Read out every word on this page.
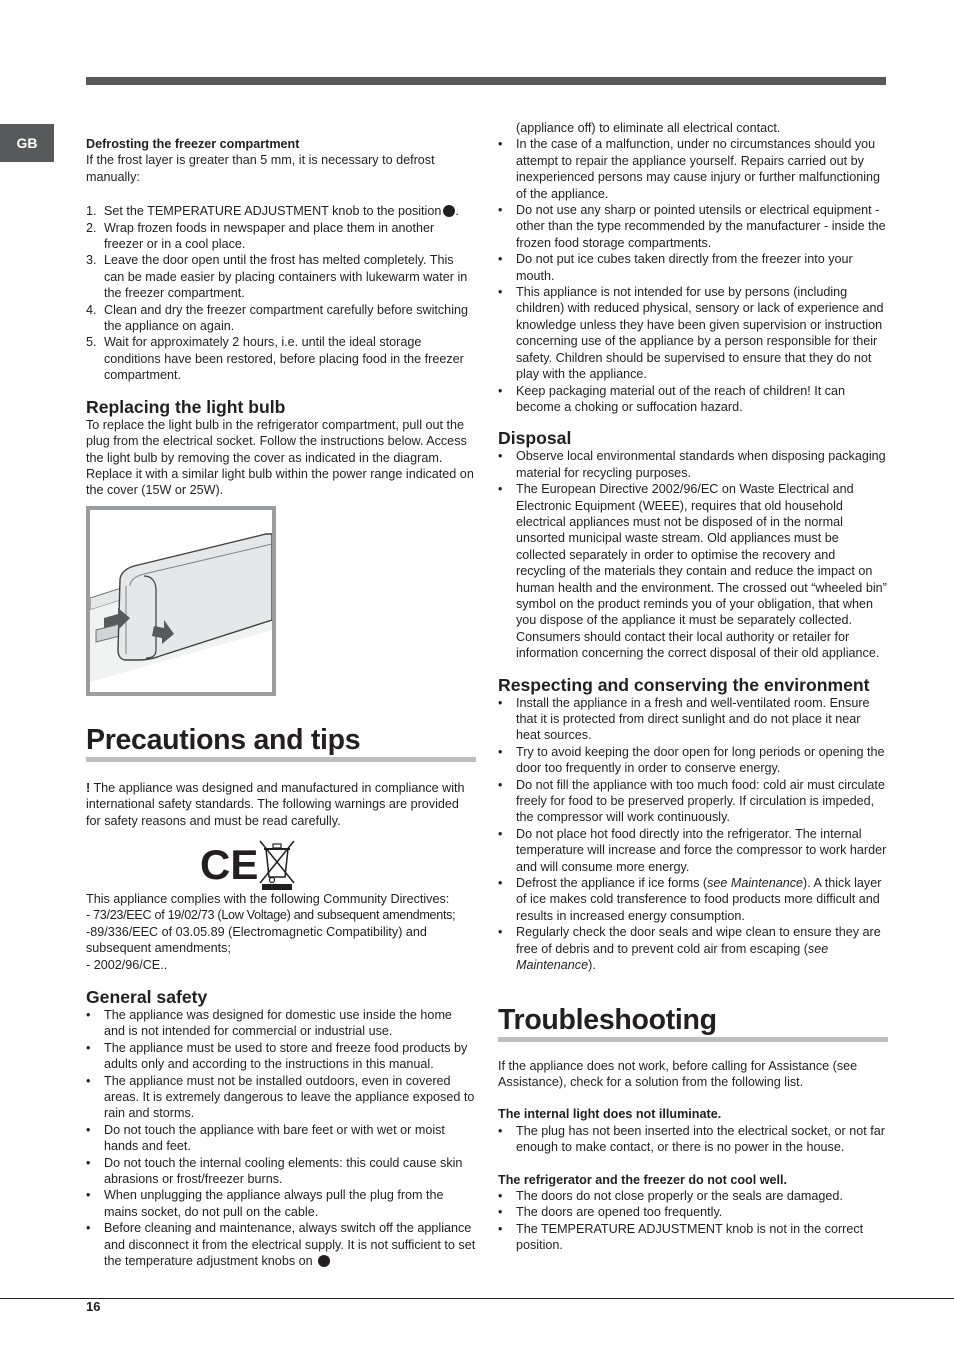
GB	Defrosting the freezer compartment

If the frost layer is greater than 5 mm, it is necessary to defrost manually:

1. Set the TEMPERATURE ADJUSTMENT knob to the position .
2. Wrap frozen foods in newspaper and place them in another freezer or in a cool place.
3. Leave the door open until the frost has melted completely. This can be made easier by placing containers with lukewarm water in the freezer compartment.
4. Clean and dry the freezer compartment carefully before switching the appliance on again.
5. Wait for approximately 2 hours, i.e. until the ideal storage conditions have been restored, before placing food in the freezer compartment.
Replacing the light bulb

To replace the light bulb in the refrigerator compartment, pull out the plug from the electrical socket. Follow the instructions below. Access the light bulb by removing the cover as indicated in the diagram. Replace it with a similar light bulb within the power range indicated on the cover (15W or 25W).

Precautions and tips

! The appliance was designed and manufactured in compliance with international safety standards. The following warnings are provided for safety reasons and must be read carefully.

CE

This appliance complies with the following Community Directives:

- 73/23/EEC of 19/02/73 (Low Voltage) and subsequent amendments;

-89/336/EEC of 03.05.89 (Electromagnetic Compatibility) and subsequent amendments;

- 2002/96/CE..

General safety
• The appliance was designed for domestic use inside the home and is not intended for commercial or industrial use.
• The appliance must be used to store and freeze food products by adults only and according to the instructions in this manual.
• The appliance must not be installed outdoors, even in covered areas. It is extremely dangerous to leave the appliance exposed to rain and storms.
• Do not touch the appliance with bare feet or with wet or moist hands and feet.
• Do not touch the internal cooling elements: this could cause skin abrasions or frost/freezer burns.
• When unplugging the appliance always pull the plug from the mains socket, do not pull on the cable.
• Before cleaning and maintenance, always switch off the appliance and disconnect it from the electrical supply. It is not sufficient to set the temperature adjustment knobs on

(appliance off) to eliminate all electrical contact.

• In the case of a malfunction, under no circumstances should you attempt to repair the appliance yourself. Repairs carried out by inexperienced persons may cause injury or further malfunctioning of the appliance.
• Do not use any sharp or pointed utensils or electrical equipment - other than the type recommended by the manufacturer - inside the frozen food storage compartments.
• Do not put ice cubes taken directly from the freezer into your mouth.
• This appliance is not intended for use by persons (including children) with reduced physical, sensory or lack of experience and knowledge unless they have been given supervision or instruction concerning use of the appliance by a person responsible for their safety. Children should be supervised to ensure that they do not play with the appliance.
• Keep packaging material out of the reach of children! It can become a choking or suffocation hazard.
Disposal
• Observe local environmental standards when disposing packaging material for recycling purposes.
• The European Directive 2002/96/EC on Waste Electrical and Electronic Equipment (WEEE), requires that old household electrical appliances must not be disposed of in the normal unsorted municipal waste stream. Old appliances must be collected separately in order to optimise the recovery and recycling of the materials they contain and reduce the impact on human health and the environment. The crossed out “wheeled bin” symbol on the product reminds you of your obligation, that when you dispose of the appliance it must be separately collected. Consumers should contact their local authority or retailer for information concerning the correct disposal of their old appliance.
Respecting and conserving the environment
• Install the appliance in a fresh and well-ventilated room. Ensure that it is protected from direct sunlight and do not place it near heat sources.
• Try to avoid keeping the door open for long periods or opening the door too frequently in order to conserve energy.
• Do not fill the appliance with too much food: cold air must circulate freely for food to be preserved properly. If circulation is impeded, the compressor will work continuously.
• Do not place hot food directly into the refrigerator. The internal temperature will increase and force the compressor to work harder and will consume more energy.
• Defrost the appliance if ice forms (see Maintenance). A thick layer of ice makes cold transference to food products more difficult and results in increased energy consumption.
• Regularly check the door seals and wipe clean to ensure they are free of debris and to prevent cold air from escaping (see Maintenance).
Troubleshooting

If the appliance does not work, before calling for Assistance (see Assistance), check for a solution from the following list.

The internal light does not illuminate.

• The plug has not been inserted into the electrical socket, or not far enough to make contact, or there is no power in the house.

The refrigerator and the freezer do not cool well.

• The doors do not close properly or the seals are damaged.
• The doors are opened too frequently.
• The TEMPERATURE ADJUSTMENT knob is not in the correct position.
16
